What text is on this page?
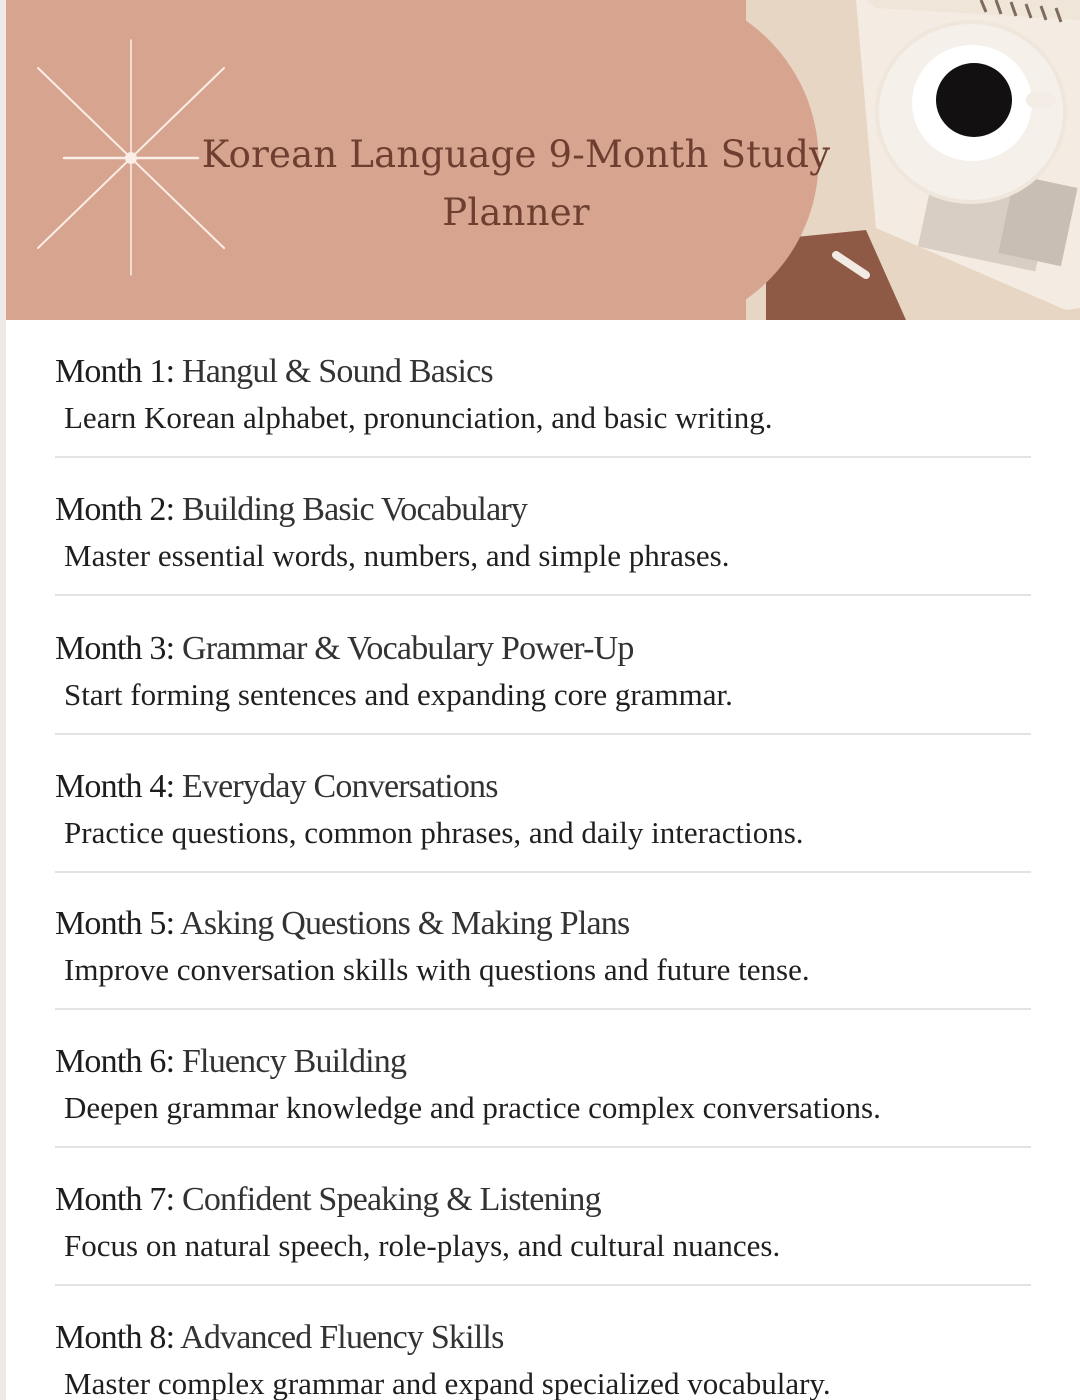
Korean Language 9-Month Study Planner
Month 1: Hangul & Sound Basics
Learn Korean alphabet, pronunciation, and basic writing.
Month 2: Building Basic Vocabulary
Master essential words, numbers, and simple phrases.
Month 3: Grammar & Vocabulary Power-Up
Start forming sentences and expanding core grammar.
Month 4: Everyday Conversations
Practice questions, common phrases, and daily interactions.
Month 5: Asking Questions & Making Plans
Improve conversation skills with questions and future tense.
Month 6: Fluency Building
Deepen grammar knowledge and practice complex conversations.
Month 7: Confident Speaking & Listening
Focus on natural speech, role-plays, and cultural nuances.
Month 8: Advanced Fluency Skills
Master complex grammar and expand specialized vocabulary.
